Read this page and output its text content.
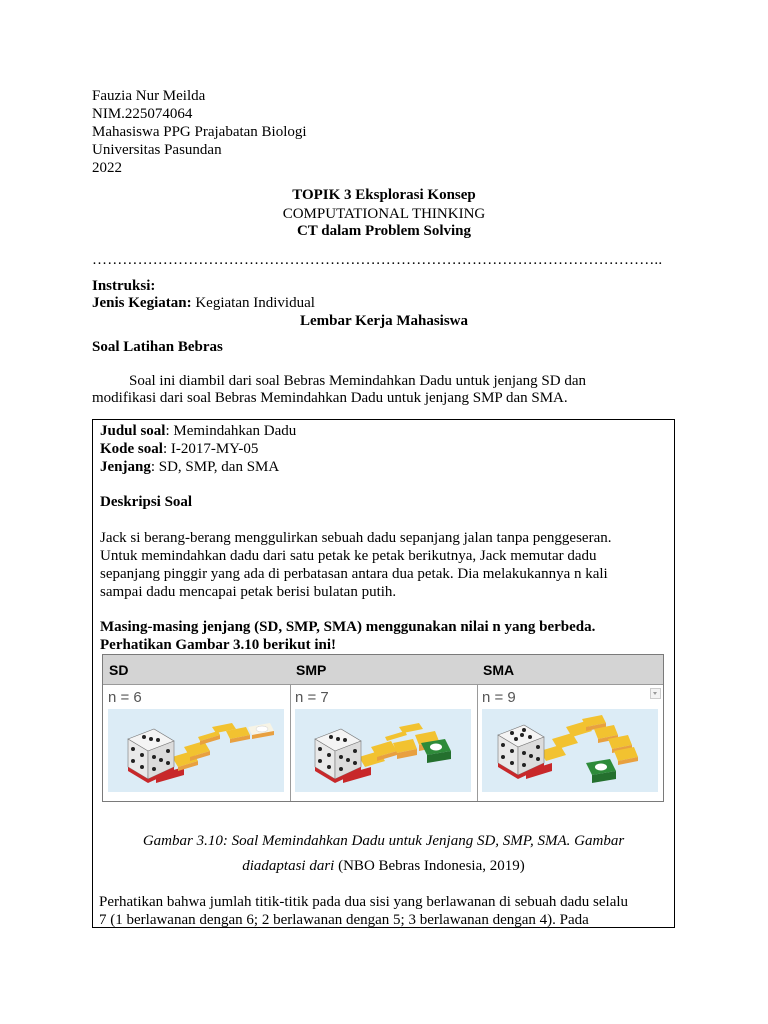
Fauzia Nur Meilda
NIM.225074064
Mahasiswa PPG Prajabatan Biologi
Universitas Pasundan
2022
TOPIK 3 Eksplorasi Konsep
COMPUTATIONAL THINKING
CT dalam Problem Solving
…………………………………………………………………………………………………..
Instruksi:
Jenis Kegiatan: Kegiatan Individual
Lembar Kerja Mahasiswa
Soal Latihan Bebras
Soal ini diambil dari soal Bebras Memindahkan Dadu untuk jenjang SD dan
modifikasi dari soal Bebras Memindahkan Dadu untuk jenjang SMP dan SMA.
Judul soal: Memindahkan Dadu
Kode soal: I-2017-MY-05
Jenjang: SD, SMP, dan SMA
Deskripsi Soal
Jack si berang-berang menggulirkan sebuah dadu sepanjang jalan tanpa penggeseran.
Untuk memindahkan dadu dari satu petak ke petak berikutnya, Jack memutar dadu
sepanjang pinggir yang ada di perbatasan antara dua petak. Dia melakukannya n kali
sampai dadu mencapai petak berisi bulatan putih.
Masing-masing jenjang (SD, SMP, SMA) menggunakan nilai n yang berbeda.
Perhatikan Gambar 3.10 berikut ini!
SD
n = 6
SMP
n = 7
SMA
n = 9
Gambar 3.10: Soal Memindahkan Dadu untuk Jenjang SD, SMP, SMA. Gambar
diadaptasi dari (NBO Bebras Indonesia, 2019)
Perhatikan bahwa jumlah titik-titik pada dua sisi yang berlawanan di sebuah dadu selalu
7 (1 berlawanan dengan 6; 2 berlawanan dengan 5; 3 berlawanan dengan 4). Pada
